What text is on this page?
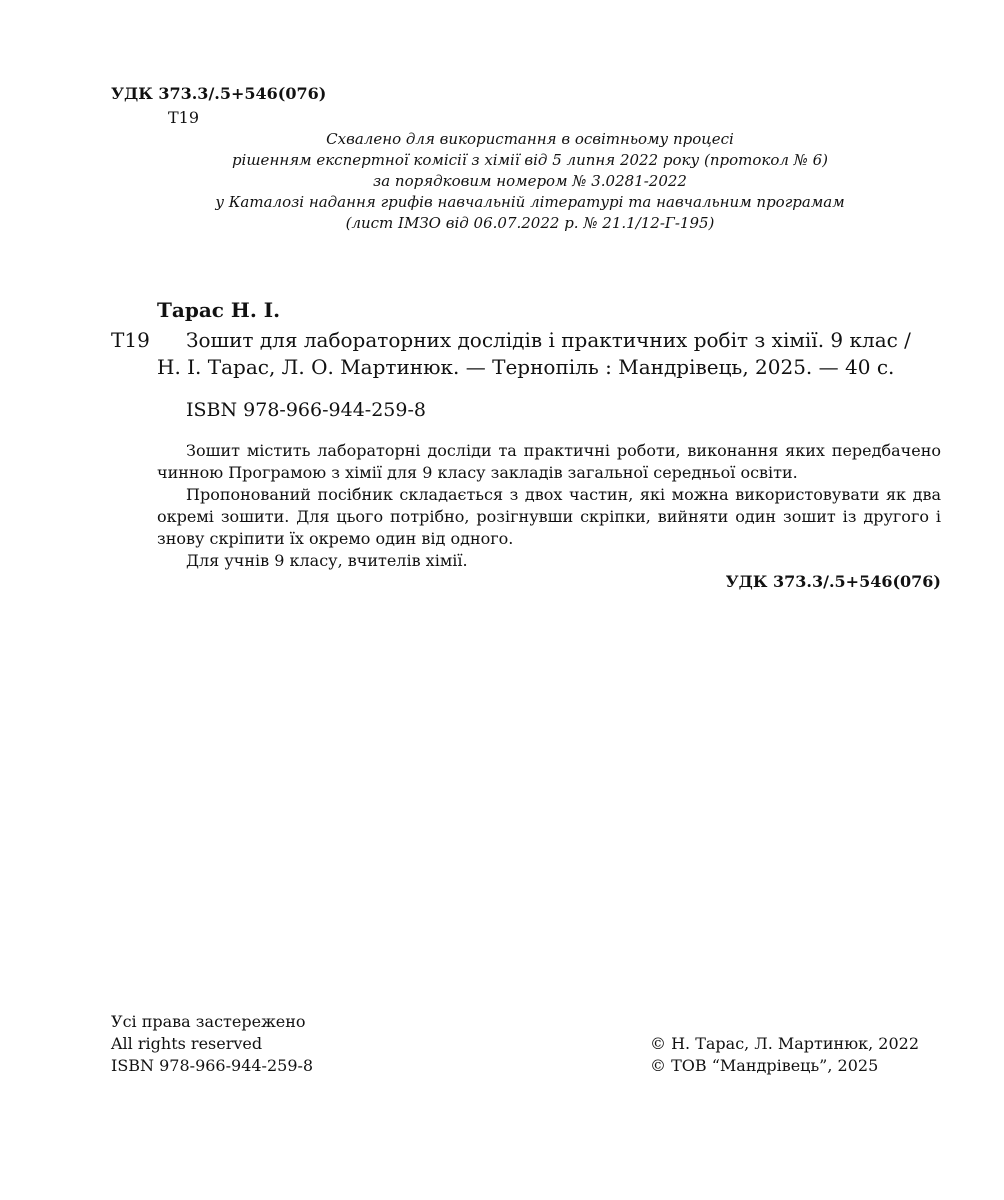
УДК 373.3/.5+546(076)
Т19
Схвалено для використання в освітньому процесі
рішенням експертної комісії з хімії від 5 липня 2022 року (протокол № 6)
за порядковим номером № 3.0281-2022
у Каталозі надання грифів навчальній літературі та навчальним програмам
(лист ІМЗО від 06.07.2022 р. № 21.1/12-Г-195)
Тарас Н. І.
Т19 Зошит для лабораторних дослідів і практичних робіт з хімії. 9 клас /
Н. І. Тарас, Л. О. Мартинюк. — Тернопіль : Мандрівець, 2025. — 40 с.
ISBN 978-966-944-259-8

Зошит містить лабораторні досліди та практичні роботи, виконання яких передбачено чинною Програмою з хімії для 9 класу закладів загальної середньої освіти.

Пропонований посібник складається з двох частин, які можна використовувати як два окремі зошити. Для цього потрібно, розігнувши скріпки, вийняти один зошит із другого і знову скріпити їх окремо один від одного.

Для учнів 9 класу, вчителів хімії.

УДК 373.3/.5+546(076)
Усі права застережено
All rights reserved
ISBN 978-966-944-259-8
© Н. Тарас, Л. Мартинюк, 2022
© ТОВ “Мандрівець”, 2025
